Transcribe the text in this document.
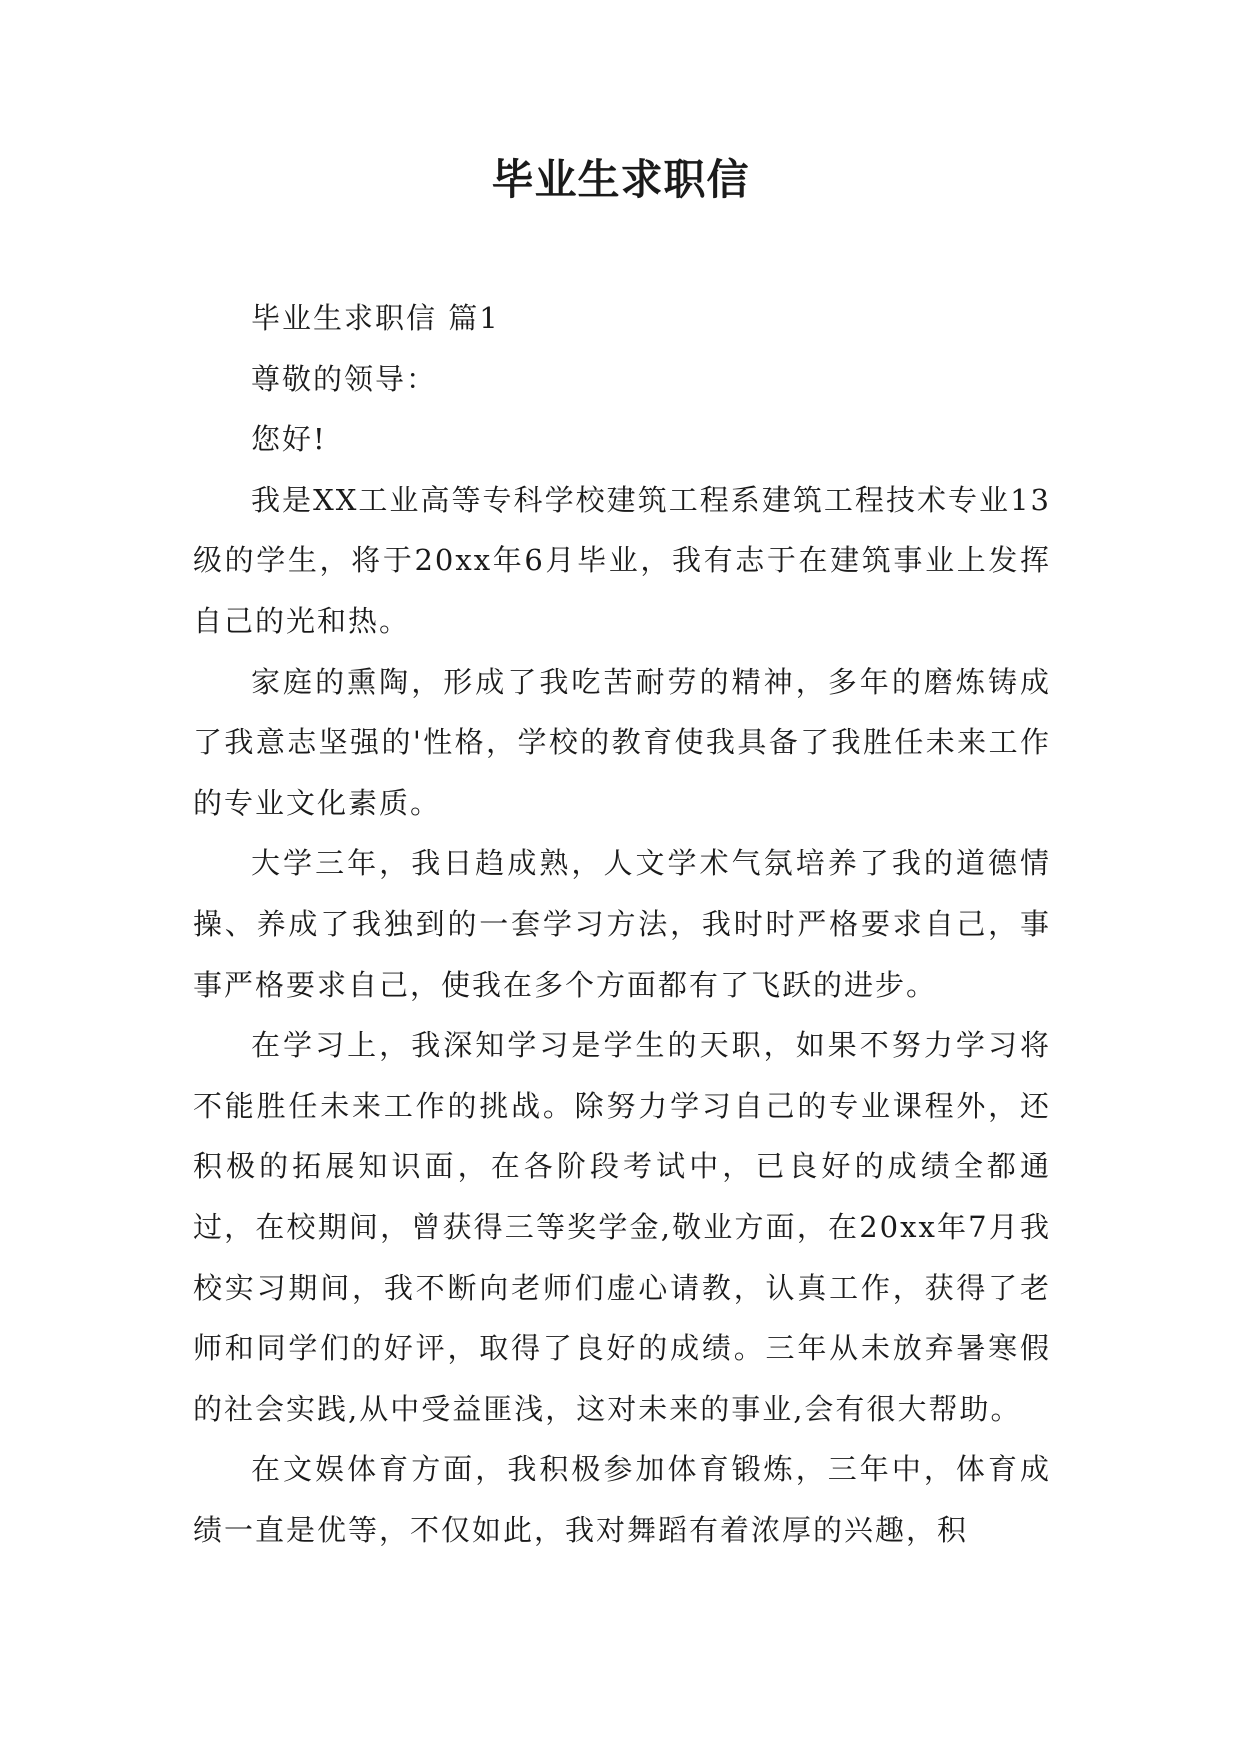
毕业生求职信

毕业生求职信 篇1

尊敬的领导：

您好!

我是XX工业高等专科学校建筑工程系建筑工程技术专业13级的学生，将于20xx年6月毕业，我有志于在建筑事业上发挥自己的光和热。

家庭的熏陶，形成了我吃苦耐劳的精神，多年的磨炼铸成了我意志坚强的'性格，学校的教育使我具备了我胜任未来工作的专业文化素质。

大学三年，我日趋成熟，人文学术气氛培养了我的道德情操、养成了我独到的一套学习方法，我时时严格要求自己，事事严格要求自己，使我在多个方面都有了飞跃的进步。

在学习上，我深知学习是学生的天职，如果不努力学习将不能胜任未来工作的挑战。除努力学习自己的专业课程外，还积极的拓展知识面，在各阶段考试中，已良好的成绩全都通过，在校期间，曾获得三等奖学金,敬业方面，在20xx年7月我校实习期间，我不断向老师们虚心请教，认真工作，获得了老师和同学们的好评，取得了良好的成绩。三年从未放弃暑寒假的社会实践,从中受益匪浅，这对未来的事业,会有很大帮助。

在文娱体育方面，我积极参加体育锻炼，三年中，体育成绩一直是优等，不仅如此，我对舞蹈有着浓厚的兴趣，积
